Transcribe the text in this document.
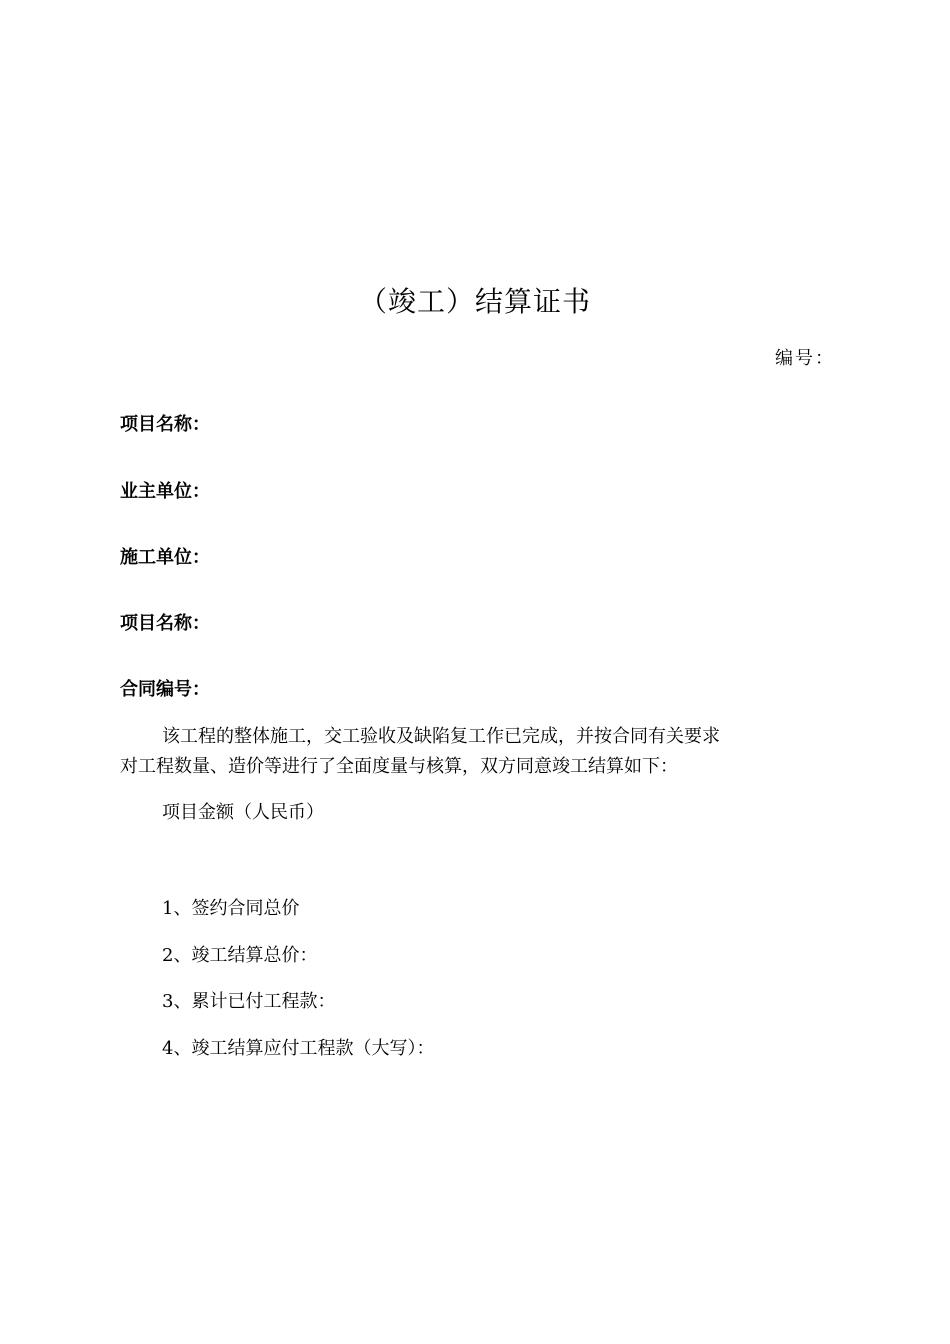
（竣工）结算证书
编号：
项目名称：
业主单位：
施工单位：
项目名称：
合同编号：
该工程的整体施工，交工验收及缺陷复工作已完成，并按合同有关要求
对工程数量、造价等进行了全面度量与核算，双方同意竣工结算如下：
项目金额（人民币）
1、签约合同总价
2、竣工结算总价：
3、累计已付工程款：
4、竣工结算应付工程款（大写）：
